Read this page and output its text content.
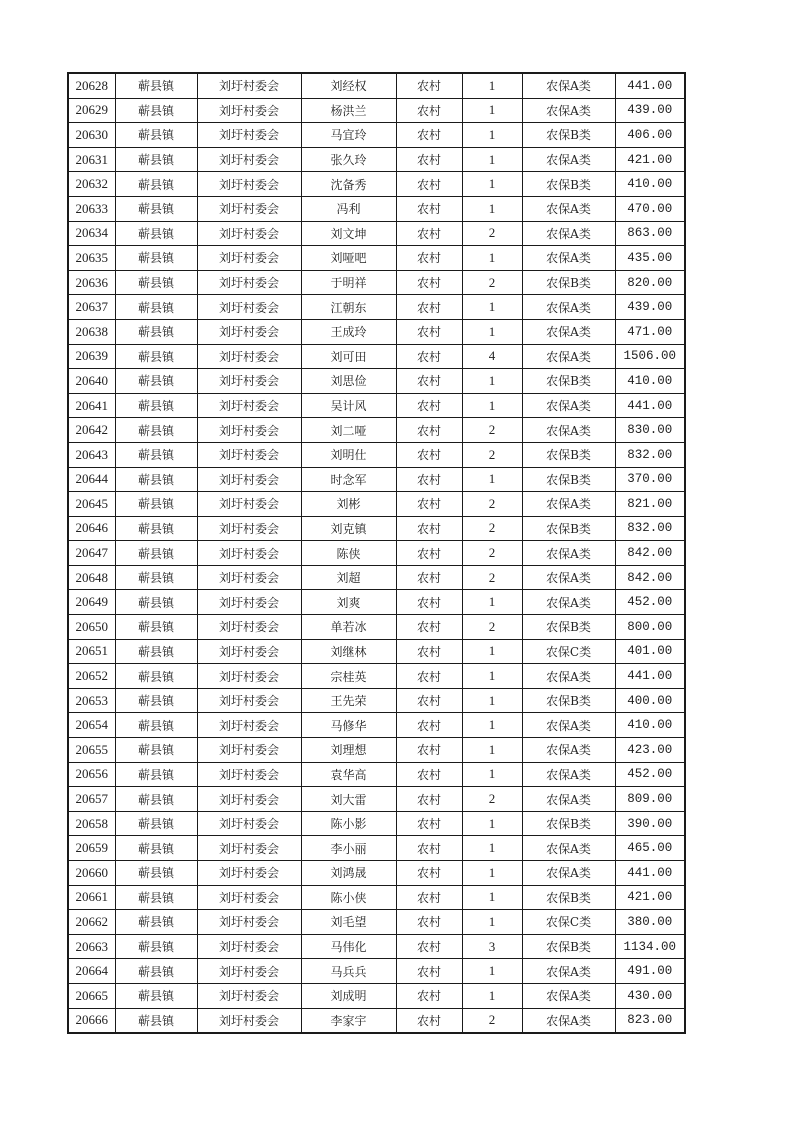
20628	蕲县镇	刘圩村委会	刘经权	农村	1	农保A类	441.00
20629	蕲县镇	刘圩村委会	杨洪兰	农村	1	农保A类	439.00
20630	蕲县镇	刘圩村委会	马宜玲	农村	1	农保B类	406.00
20631	蕲县镇	刘圩村委会	张久玲	农村	1	农保A类	421.00
20632	蕲县镇	刘圩村委会	沈备秀	农村	1	农保B类	410.00
20633	蕲县镇	刘圩村委会	冯利	农村	1	农保A类	470.00
20634	蕲县镇	刘圩村委会	刘文坤	农村	2	农保A类	863.00
20635	蕲县镇	刘圩村委会	刘哑吧	农村	1	农保A类	435.00
20636	蕲县镇	刘圩村委会	于明祥	农村	2	农保B类	820.00
20637	蕲县镇	刘圩村委会	江朝东	农村	1	农保A类	439.00
20638	蕲县镇	刘圩村委会	王成玲	农村	1	农保A类	471.00
20639	蕲县镇	刘圩村委会	刘可田	农村	4	农保A类	1506.00
20640	蕲县镇	刘圩村委会	刘思俭	农村	1	农保B类	410.00
20641	蕲县镇	刘圩村委会	吴计风	农村	1	农保A类	441.00
20642	蕲县镇	刘圩村委会	刘二哑	农村	2	农保A类	830.00
20643	蕲县镇	刘圩村委会	刘明仕	农村	2	农保B类	832.00
20644	蕲县镇	刘圩村委会	时念军	农村	1	农保B类	370.00
20645	蕲县镇	刘圩村委会	刘彬	农村	2	农保A类	821.00
20646	蕲县镇	刘圩村委会	刘克镇	农村	2	农保B类	832.00
20647	蕲县镇	刘圩村委会	陈侠	农村	2	农保A类	842.00
20648	蕲县镇	刘圩村委会	刘超	农村	2	农保A类	842.00
20649	蕲县镇	刘圩村委会	刘爽	农村	1	农保A类	452.00
20650	蕲县镇	刘圩村委会	单若冰	农村	2	农保B类	800.00
20651	蕲县镇	刘圩村委会	刘继林	农村	1	农保C类	401.00
20652	蕲县镇	刘圩村委会	宗桂英	农村	1	农保A类	441.00
20653	蕲县镇	刘圩村委会	王先荣	农村	1	农保B类	400.00
20654	蕲县镇	刘圩村委会	马修华	农村	1	农保A类	410.00
20655	蕲县镇	刘圩村委会	刘理想	农村	1	农保A类	423.00
20656	蕲县镇	刘圩村委会	袁华高	农村	1	农保A类	452.00
20657	蕲县镇	刘圩村委会	刘大雷	农村	2	农保A类	809.00
20658	蕲县镇	刘圩村委会	陈小影	农村	1	农保B类	390.00
20659	蕲县镇	刘圩村委会	李小丽	农村	1	农保A类	465.00
20660	蕲县镇	刘圩村委会	刘鸿晟	农村	1	农保A类	441.00
20661	蕲县镇	刘圩村委会	陈小侠	农村	1	农保B类	421.00
20662	蕲县镇	刘圩村委会	刘毛望	农村	1	农保C类	380.00
20663	蕲县镇	刘圩村委会	马伟化	农村	3	农保B类	1134.00
20664	蕲县镇	刘圩村委会	马兵兵	农村	1	农保A类	491.00
20665	蕲县镇	刘圩村委会	刘成明	农村	1	农保A类	430.00
20666	蕲县镇	刘圩村委会	李家宇	农村	2	农保A类	823.00
